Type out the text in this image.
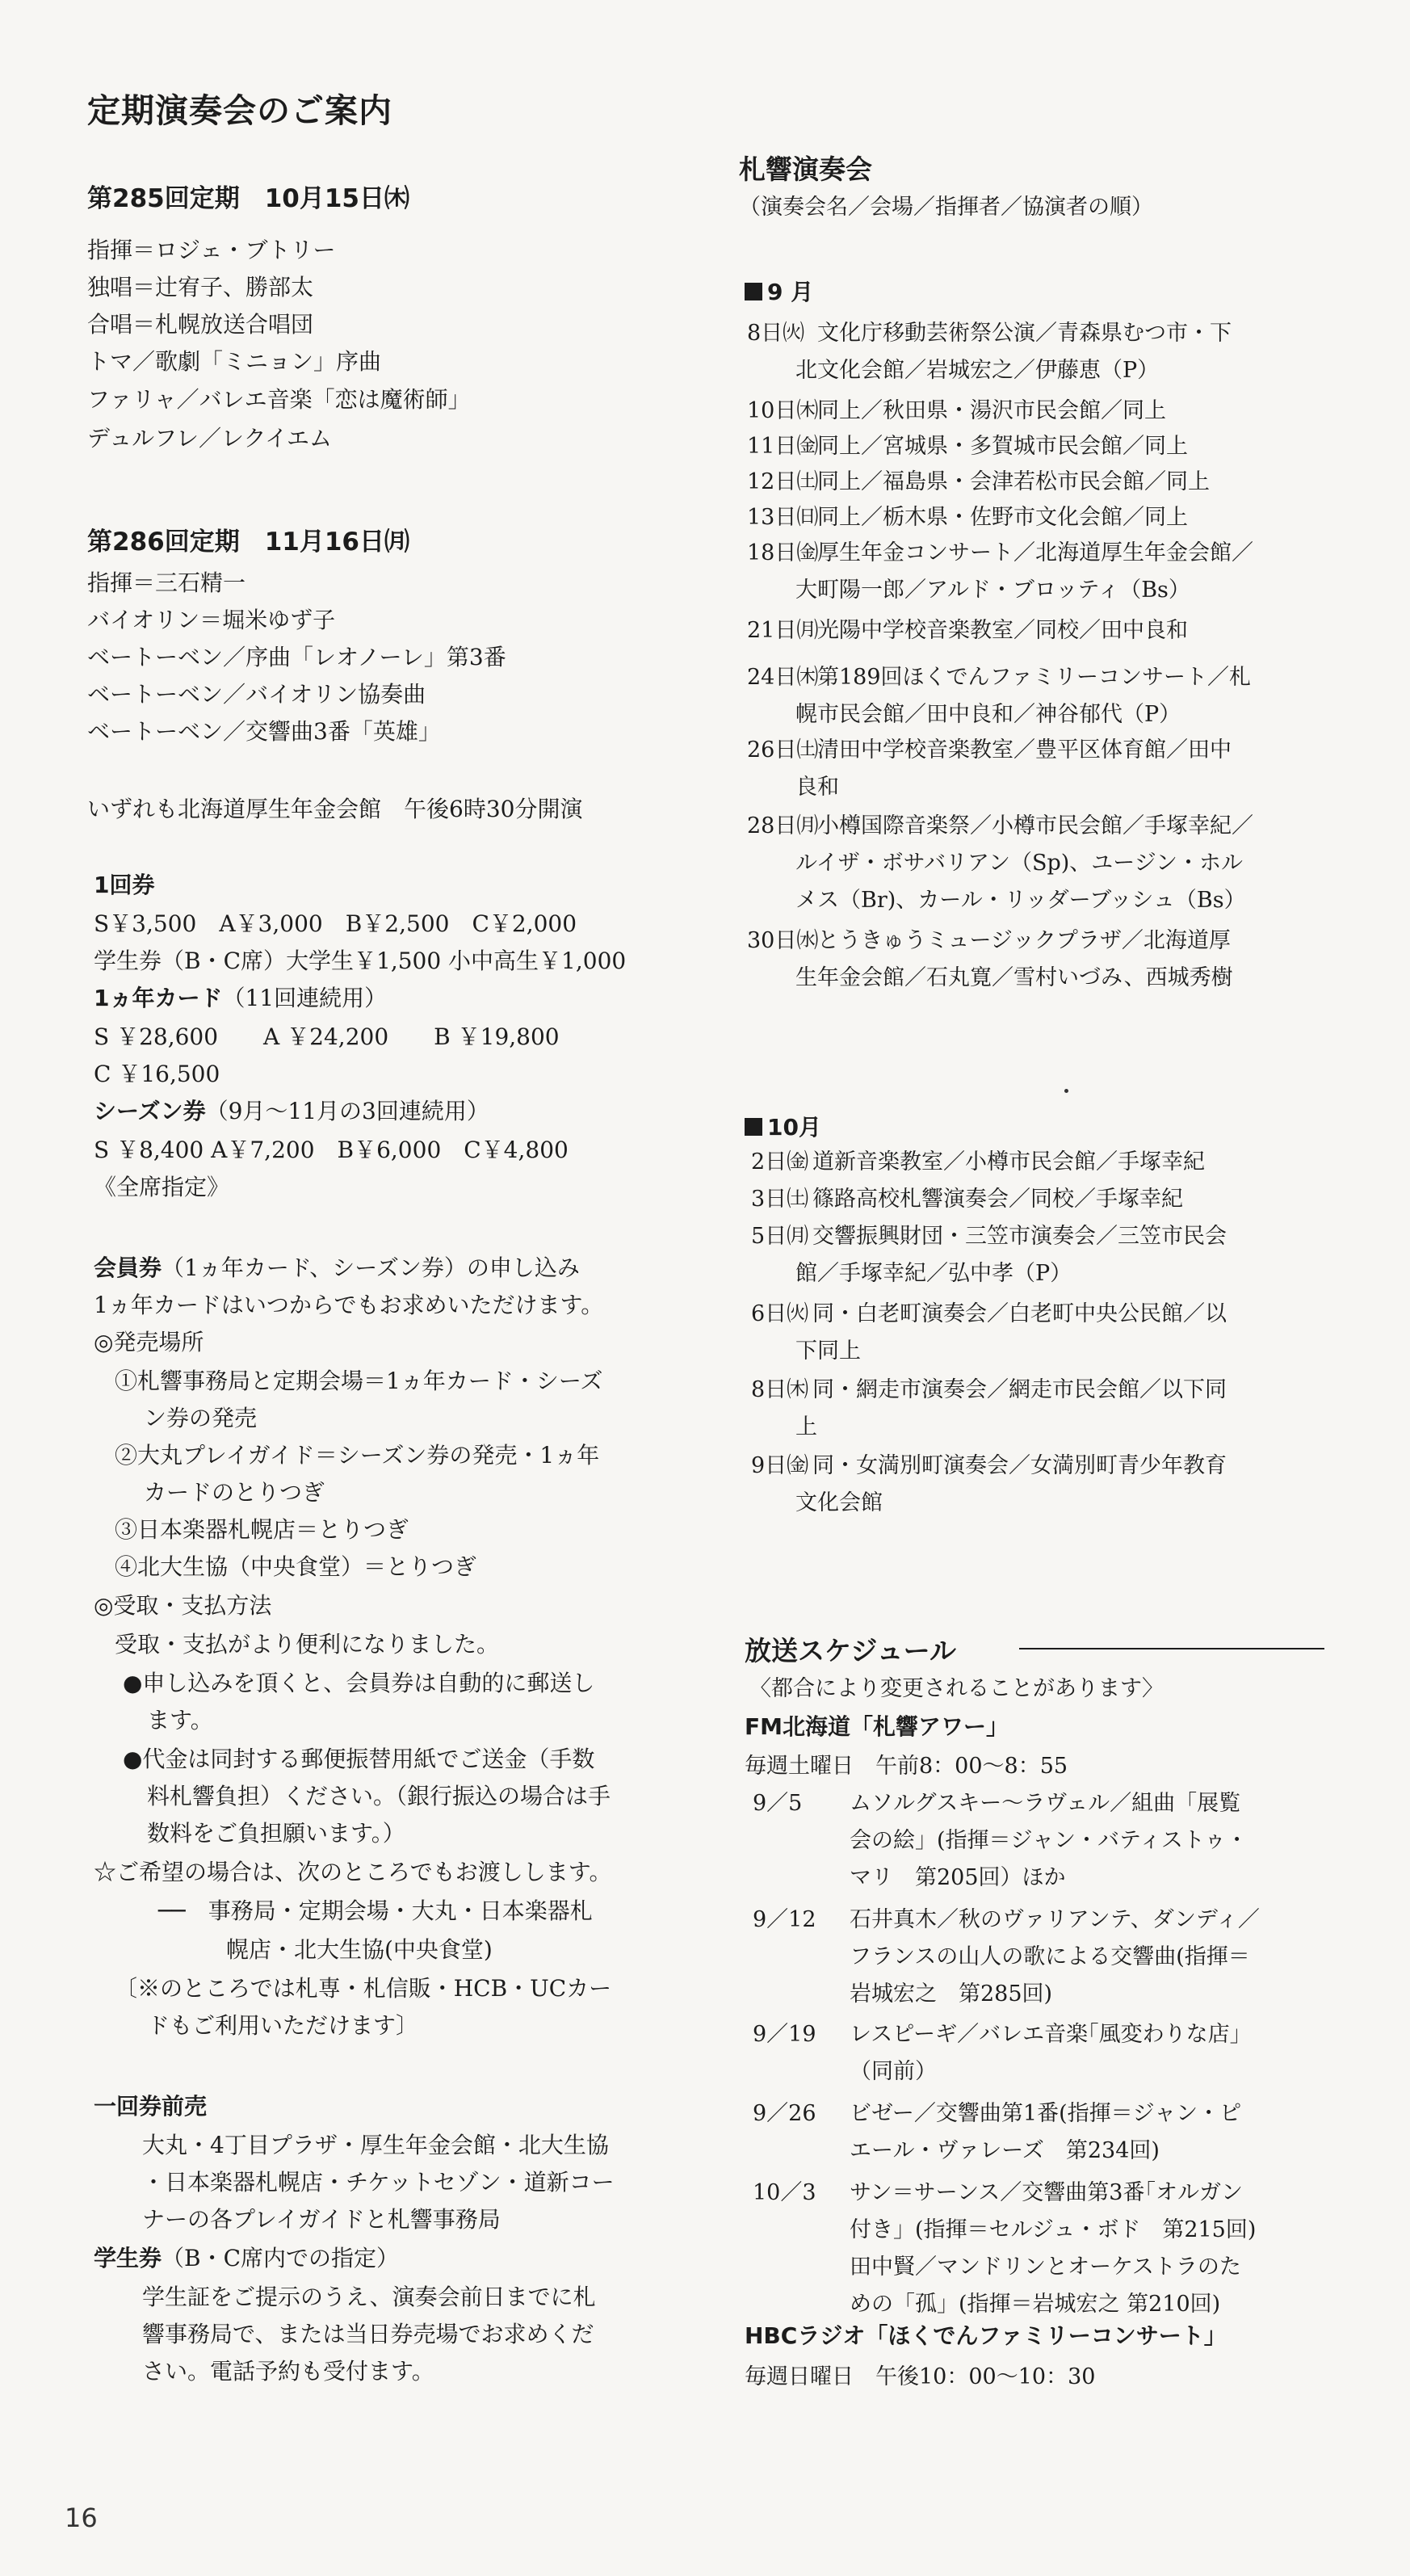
定期演奏会のご案内
第285回定期　10月15日㈭
指揮＝ロジェ・ブトリー
独唱＝辻宥子、勝部太
合唱＝札幌放送合唱団
トマ／歌劇「ミニョン」序曲
ファリャ／バレエ音楽「恋は魔術師」
デュルフレ／レクイエム
第286回定期　11月16日㈪
指揮＝三石精一
バイオリン＝堀米ゆず子
ベートーベン／序曲「レオノーレ」第3番
ベートーベン／バイオリン協奏曲
ベートーベン／交響曲3番「英雄」
いずれも北海道厚生年金会館　午後6時30分開演
1回券
S￥3,500　A￥3,000　B￥2,500　C￥2,000
学生券（B・C席）大学生￥1,500 小中高生￥1,000
1ヵ年カード（11回連続用）
S ￥28,600　　A ￥24,200　　B ￥19,800
C ￥16,500
シーズン券（9月～11月の3回連続用）
S ￥8,400 A￥7,200　B￥6,000　C￥4,800
《全席指定》
会員券（1ヵ年カード、シーズン券）の申し込み
1ヵ年カードはいつからでもお求めいただけます。
◎発売場所
①札響事務局と定期会場＝1ヵ年カード・シーズ
ン券の発売
②大丸プレイガイド＝シーズン券の発売・1ヵ年
カードのとりつぎ
③日本楽器札幌店＝とりつぎ
④北大生協（中央食堂）＝とりつぎ
◎受取・支払方法
受取・支払がより便利になりました。
●申し込みを頂くと、会員券は自動的に郵送し
ます。
●代金は同封する郵便振替用紙でご送金（手数
料札響負担）ください。（銀行振込の場合は手
数料をご負担願います。）
☆ご希望の場合は、次のところでもお渡しします。
──　事務局・定期会場・大丸・日本楽器札
幌店・北大生協(中央食堂)
〔※のところでは札専・札信販・HCB・UCカー
ドもご利用いただけます〕
一回券前売
大丸・4丁目プラザ・厚生年金会館・北大生協
・日本楽器札幌店・チケットセゾン・道新コー
ナーの各プレイガイドと札響事務局
学生券（B・C席内での指定）
学生証をご提示のうえ、演奏会前日までに札
響事務局で、または当日券売場でお求めくだ
さい。電話予約も受付ます。
札響演奏会
（演奏会名／会場／指揮者／協演者の順）
9 月
8日㈫ 文化庁移動芸術祭公演／青森県むつ市・下
北文化会館／岩城宏之／伊藤恵（P）
10日㈭
同上／秋田県・湯沢市民会館／同上
11日㈮
同上／宮城県・多賀城市民会館／同上
12日㈯
同上／福島県・会津若松市民会館／同上
13日㈰
同上／栃木県・佐野市文化会館／同上
18日㈮
厚生年金コンサート／北海道厚生年金会館／
大町陽一郎／アルド・ブロッティ（Bs）
21日㈪
光陽中学校音楽教室／同校／田中良和
24日㈭
第189回ほくでんファミリーコンサート／札
幌市民会館／田中良和／神谷郁代（P）
26日㈯
清田中学校音楽教室／豊平区体育館／田中
良和
28日㈪
小樽国際音楽祭／小樽市民会館／手塚幸紀／
ルイザ・ボサバリアン（Sp)、ユージン・ホル
メス（Br)、カール・リッダーブッシュ（Bs）
30日㈬
とうきゅうミュージックプラザ／北海道厚
生年金会館／石丸寛／雪村いづみ、西城秀樹
10月
2日㈮ 道新音楽教室／小樽市民会館／手塚幸紀
3日㈯ 篠路高校札響演奏会／同校／手塚幸紀
5日㈪ 交響振興財団・三笠市演奏会／三笠市民会
館／手塚幸紀／弘中孝（P）
6日㈫ 同・白老町演奏会／白老町中央公民館／以
下同上
8日㈭ 同・網走市演奏会／網走市民会館／以下同
上
9日㈮ 同・女満別町演奏会／女満別町青少年教育
文化会館
放送スケジュール
〈都合により変更されることがあります〉
FM北海道「札響アワー」
毎週土曜日　午前8：00～8：55
9／5 ムソルグスキー～ラヴェル／組曲「展覧
会の絵」(指揮＝ジャン・バティストゥ・
マリ　第205回）ほか
9／12 石井真木／秋のヴァリアンテ、ダンディ／
フランスの山人の歌による交響曲(指揮＝
岩城宏之　第285回)
9／19 レスピーギ／バレエ音楽｢風変わりな店」
（同前）
9／26 ビゼー／交響曲第1番(指揮＝ジャン・ピ
エール・ヴァレーズ　第234回)
10／3 サン＝サーンス／交響曲第3番｢オルガン
付き」(指揮＝セルジュ・ボド　第215回)
田中賢／マンドリンとオーケストラのた
めの「孤」(指揮＝岩城宏之 第210回)
HBCラジオ「ほくでんファミリーコンサート」
毎週日曜日　午後10：00～10：30
16
